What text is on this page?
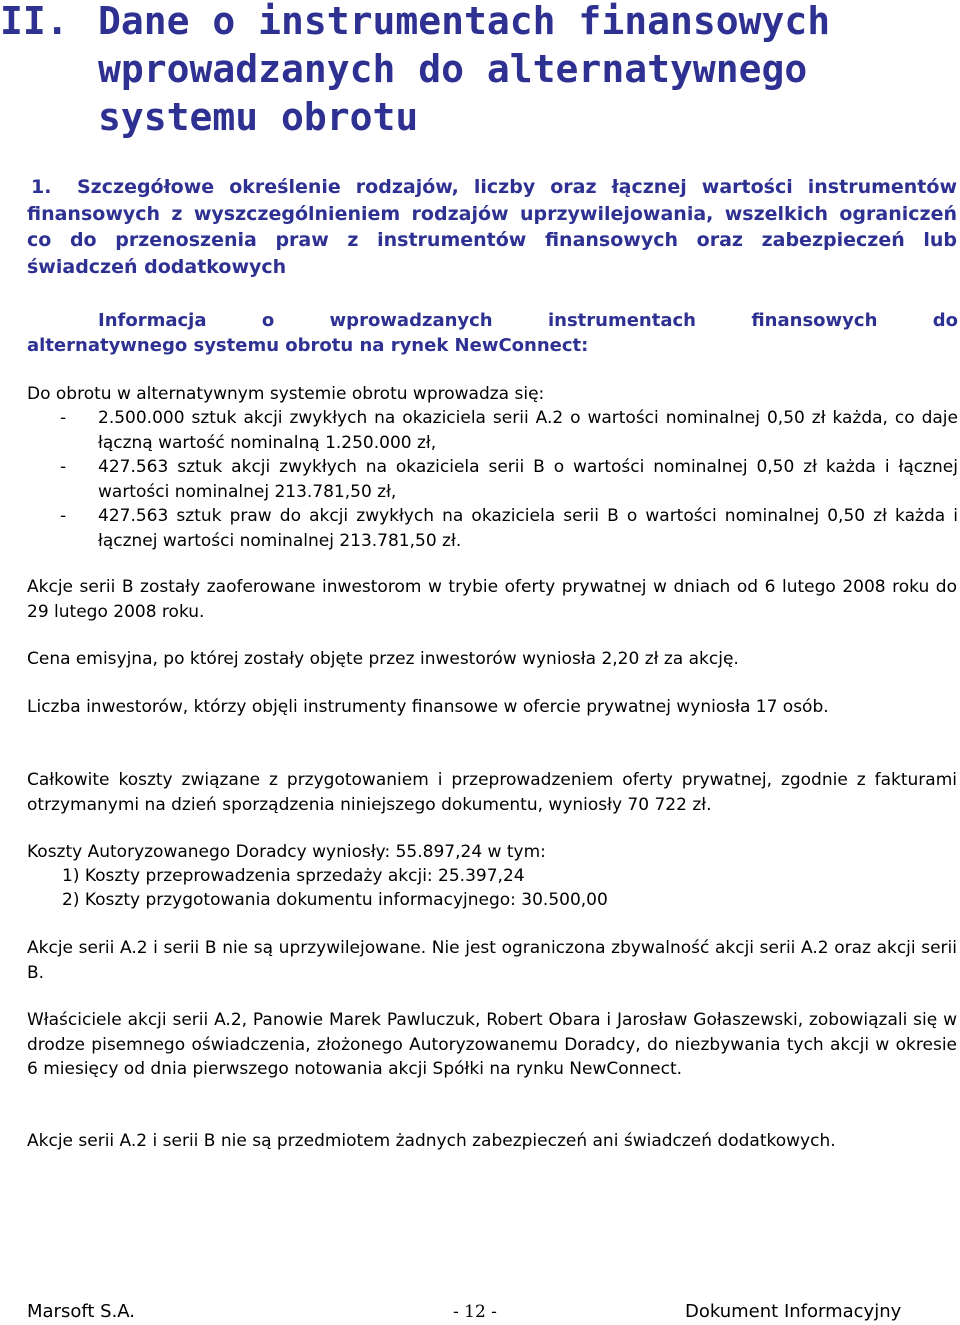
II. Dane o instrumentach finansowych
wprowadzanych do alternatywnego
systemu obrotu
1. Szczegółowe określenie rodzajów, liczby oraz łącznej wartości instrumentów finansowych z wyszczególnieniem rodzajów uprzywilejowania, wszelkich ograniczeń co do przenoszenia praw z instrumentów finansowych oraz zabezpieczeń lub świadczeń dodatkowych
Informacja o wprowadzanych instrumentach finansowych do
alternatywnego systemu obrotu na rynek NewConnect:
Do obrotu w alternatywnym systemie obrotu wprowadza się:
- 2.500.000 sztuk akcji zwykłych na okaziciela serii A.2 o wartości nominalnej 0,50 zł każda, co daje łączną wartość nominalną 1.250.000 zł,
- 427.563 sztuk akcji zwykłych na okaziciela serii B o wartości nominalnej 0,50 zł każda i łącznej wartości nominalnej 213.781,50 zł,
- 427.563 sztuk praw do akcji zwykłych na okaziciela serii B o wartości nominalnej 0,50 zł każda i łącznej wartości nominalnej 213.781,50 zł.
Akcje serii B zostały zaoferowane inwestorom w trybie oferty prywatnej w dniach od 6 lutego 2008 roku do 29 lutego 2008 roku.
Cena emisyjna, po której zostały objęte przez inwestorów wyniosła 2,20 zł za akcję.
Liczba inwestorów, którzy objęli instrumenty finansowe w ofercie prywatnej wyniosła 17 osób.
Całkowite koszty związane z przygotowaniem i przeprowadzeniem oferty prywatnej, zgodnie z fakturami otrzymanymi na dzień sporządzenia niniejszego dokumentu, wyniosły 70 722 zł.
Koszty Autoryzowanego Doradcy wyniosły: 55.897,24 w tym:
1) Koszty przeprowadzenia sprzedaży akcji: 25.397,24
2) Koszty przygotowania dokumentu informacyjnego: 30.500,00
Akcje serii A.2 i serii B nie są uprzywilejowane. Nie jest ograniczona zbywalność akcji serii A.2 oraz akcji serii B.
Właściciele akcji serii A.2, Panowie Marek Pawluczuk, Robert Obara i Jarosław Gołaszewski, zobowiązali się w drodze pisemnego oświadczenia, złożonego Autoryzowanemu Doradcy, do niezbywania tych akcji w okresie 6 miesięcy od dnia pierwszego notowania akcji Spółki na rynku NewConnect.
Akcje serii A.2 i serii B nie są przedmiotem żadnych zabezpieczeń ani świadczeń dodatkowych.
Marsoft S.A.	- 12 -	Dokument Informacyjny
